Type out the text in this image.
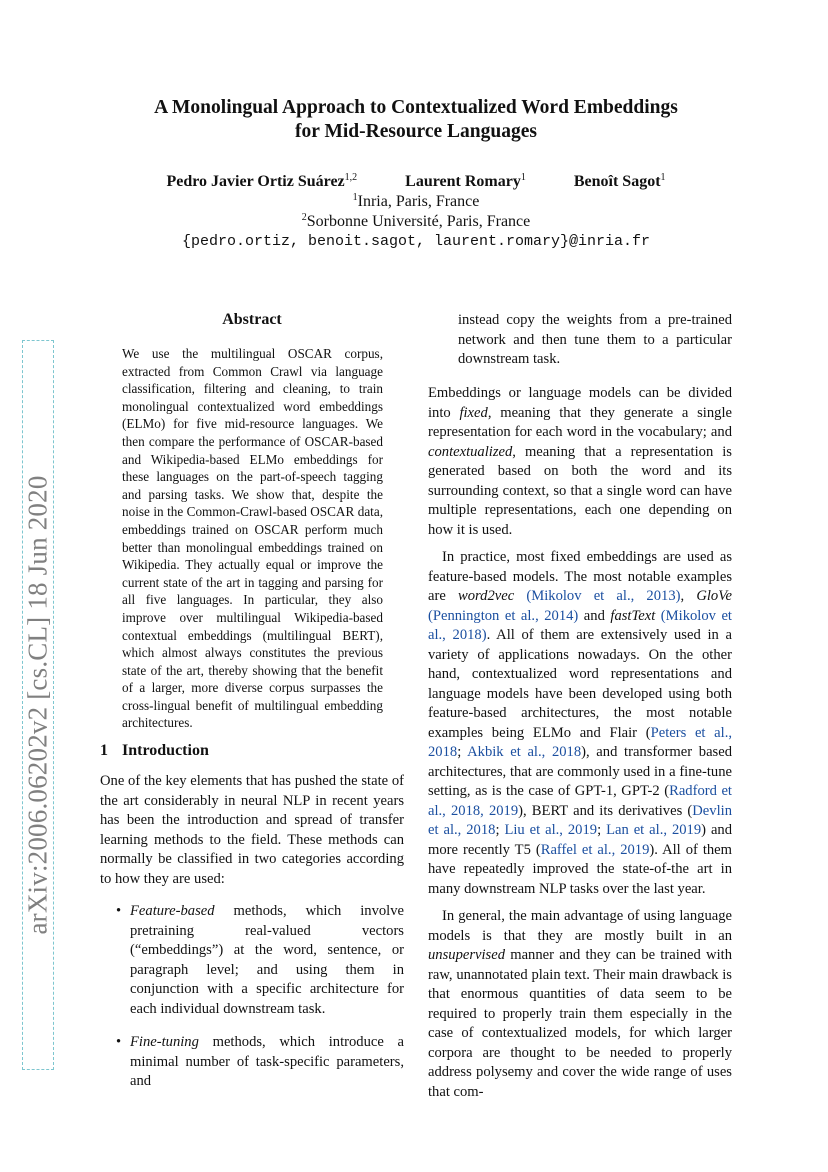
arXiv:2006.06202v2 [cs.CL] 18 Jun 2020
A Monolingual Approach to Contextualized Word Embeddings
for Mid-Resource Languages
Pedro Javier Ortiz Suárez$^{1,2}$	Laurent Romary$^1$	Benoît Sagot$^1$
$^1$Inria, Paris, France
$^2$Sorbonne Université, Paris, France
{pedro.ortiz, benoit.sagot, laurent.romary}@inria.fr
Abstract
We use the multilingual OSCAR corpus, extracted from Common Crawl via language classification, filtering and cleaning, to train monolingual contextualized word embeddings (ELMo) for five mid-resource languages. We then compare the performance of OSCAR-based and Wikipedia-based ELMo embeddings for these languages on the part-of-speech tagging and parsing tasks. We show that, despite the noise in the Common-Crawl-based OSCAR data, embeddings trained on OSCAR perform much better than monolingual embeddings trained on Wikipedia. They actually equal or improve the current state of the art in tagging and parsing for all five languages. In particular, they also improve over multilingual Wikipedia-based contextual embeddings (multilingual BERT), which almost always constitutes the previous state of the art, thereby showing that the benefit of a larger, more diverse corpus surpasses the cross-lingual benefit of multilingual embedding architectures.
1 Introduction

One of the key elements that has pushed the state of the art considerably in neural NLP in recent years has been the introduction and spread of transfer learning methods to the field. These methods can normally be classified in two categories according to how they are used:

• Feature-based methods, which involve pretraining real-valued vectors (“embeddings”) at the word, sentence, or paragraph level; and using them in conjunction with a specific architecture for each individual downstream task.
• Fine-tuning methods, which introduce a minimal number of task-specific parameters, and

instead copy the weights from a pre-trained network and then tune them to a particular downstream task.

Embeddings or language models can be divided into fixed, meaning that they generate a single representation for each word in the vocabulary; and contextualized, meaning that a representation is generated based on both the word and its surrounding context, so that a single word can have multiple representations, each one depending on how it is used.

In practice, most fixed embeddings are used as feature-based models. The most notable examples are word2vec (Mikolov et al., 2013), GloVe (Pennington et al., 2014) and fastText (Mikolov et al., 2018). All of them are extensively used in a variety of applications nowadays. On the other hand, contextualized word representations and language models have been developed using both feature-based architectures, the most notable examples being ELMo and Flair (Peters et al., 2018; Akbik et al., 2018), and transformer based architectures, that are commonly used in a fine-tune setting, as is the case of GPT-1, GPT-2 (Radford et al., 2018, 2019), BERT and its derivatives (Devlin et al., 2018; Liu et al., 2019; Lan et al., 2019) and more recently T5 (Raffel et al., 2019). All of them have repeatedly improved the state-of-the art in many downstream NLP tasks over the last year.

In general, the main advantage of using language models is that they are mostly built in an unsupervised manner and they can be trained with raw, unannotated plain text. Their main drawback is that enormous quantities of data seem to be required to properly train them especially in the case of contextualized models, for which larger corpora are thought to be needed to properly address polysemy and cover the wide range of uses that com-
